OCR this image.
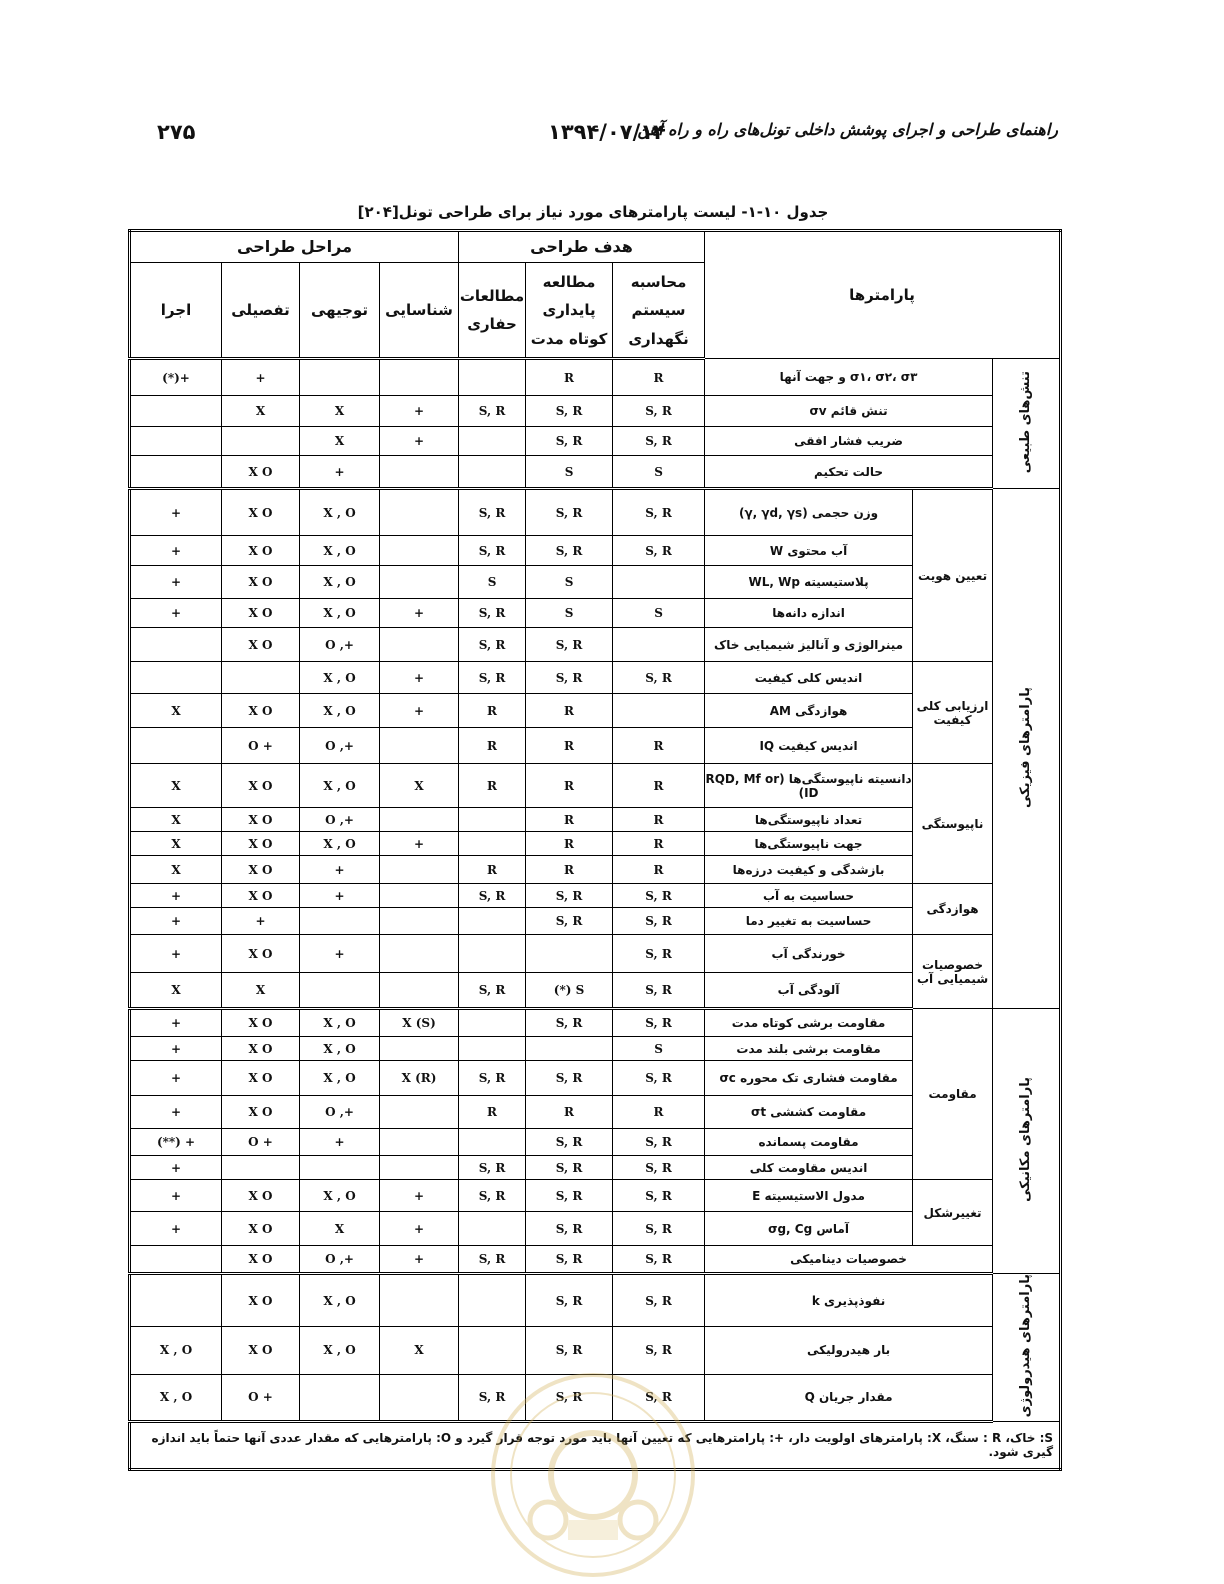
راهنمای طراحی و اجرای پوشش داخلی تونل‌های راه و راه آهن
۱۳۹۴/۰۷/۱۴
۲۷۵
جدول ۱۰-۱- لیست پارامترهای مورد نیاز برای طراحی تونل[۲۰۴]
پارامترها			هدف طراحی			مراحل طراحی			
			محاسبه سیستم نگهداری	مطالعه پایداری کوتاه مدت	مطالعات حفاری	شناسایی	توجیهی	تفصیلی	اجرا
تنش‌های طبیعی	σ۱، σ۲، σ۳ و جهت آنها		R	R				+	+(*)
	تنش قائم σv		S, R	S, R	S, R	+	X	X	
	ضریب فشار افقی		S, R	S, R		+	X		
	حالت تحکیم		S	S			+	X O	
پارامترهای فیزیکی	تعیین هویت	وزن حجمی (γ, γd, γs)	S, R	S, R	S, R		X , O	X O	+
		آب محتوی W	S, R	S, R	S, R		X , O	X O	+
		پلاستیسیته WL, Wp		S	S		X , O	X O	+
		اندازه دانه‌ها	S	S	S, R	+	X , O	X O	+
		مینرالوژی و آنالیز شیمیایی خاک		S, R	S, R		+, O	X O	
	ارزیابی کلی کیفیت	اندیس کلی کیفیت	S, R	S, R	S, R	+	X , O		
		هوازدگی AM		R	R	+	X , O	X O	X
		اندیس کیفیت IQ	R	R	R		+, O	+ O	
	ناپیوستگی	دانسیته ناپیوستگی‌ها (RQD, Mf or ID)	R	R	R	X	X , O	X O	X
		تعداد ناپیوستگی‌ها	R	R			+, O	X O	X
		جهت ناپیوستگی‌ها	R	R		+	X , O	X O	X
		بازشدگی و کیفیت درزه‌ها	R	R	R		+	X O	X
	هوازدگی	حساسیت به آب	S, R	S, R	S, R		+	X O	+
		حساسیت به تغییر دما	S, R	S, R				+	+
	خصوصیات شیمیایی آب	خورندگی آب	S, R				+	X O	+
		آلودگی آب	S, R	S (*)	S, R			X	X
پارامترهای مکانیکی	مقاومت	مقاومت برشی کوتاه مدت	S, R	S, R		X (S)	X , O	X O	+
		مقاومت برشی بلند مدت	S				X , O	X O	+
		مقاومت فشاری تک محوره σc	S, R	S, R	S, R	X (R)	X , O	X O	+
		مقاومت کششی σt	R	R	R		+, O	X O	+
		مقاومت پسمانده	S, R	S, R			+	+ O	+ (**)
		اندیس مقاومت کلی	S, R	S, R	S, R				+
	تغییرشکل	مدول الاستیسیته E	S, R	S, R	S, R	+	X , O	X O	+
		آماس σg, Cg	S, R	S, R		+	X	X O	+
	خصوصیات دینامیکی		S, R	S, R	S, R	+	+, O	X O	
پارامترهای هیدرولوژی	نفوذپذیری k		S, R	S, R			X , O	X O	
	بار هیدرولیکی		S, R	S, R		X	X , O	X O	X , O
	مقدار جریان Q		S, R	S, R	S, R			+ O	X , O
S: خاک، R : سنگ، X: پارامترهای اولویت دار، +: پارامترهایی که تعیین آنها باید مورد توجه قرار گیرد و O: پارامترهایی که مقدار عددی آنها حتماً باید اندازه گیری شود.									
